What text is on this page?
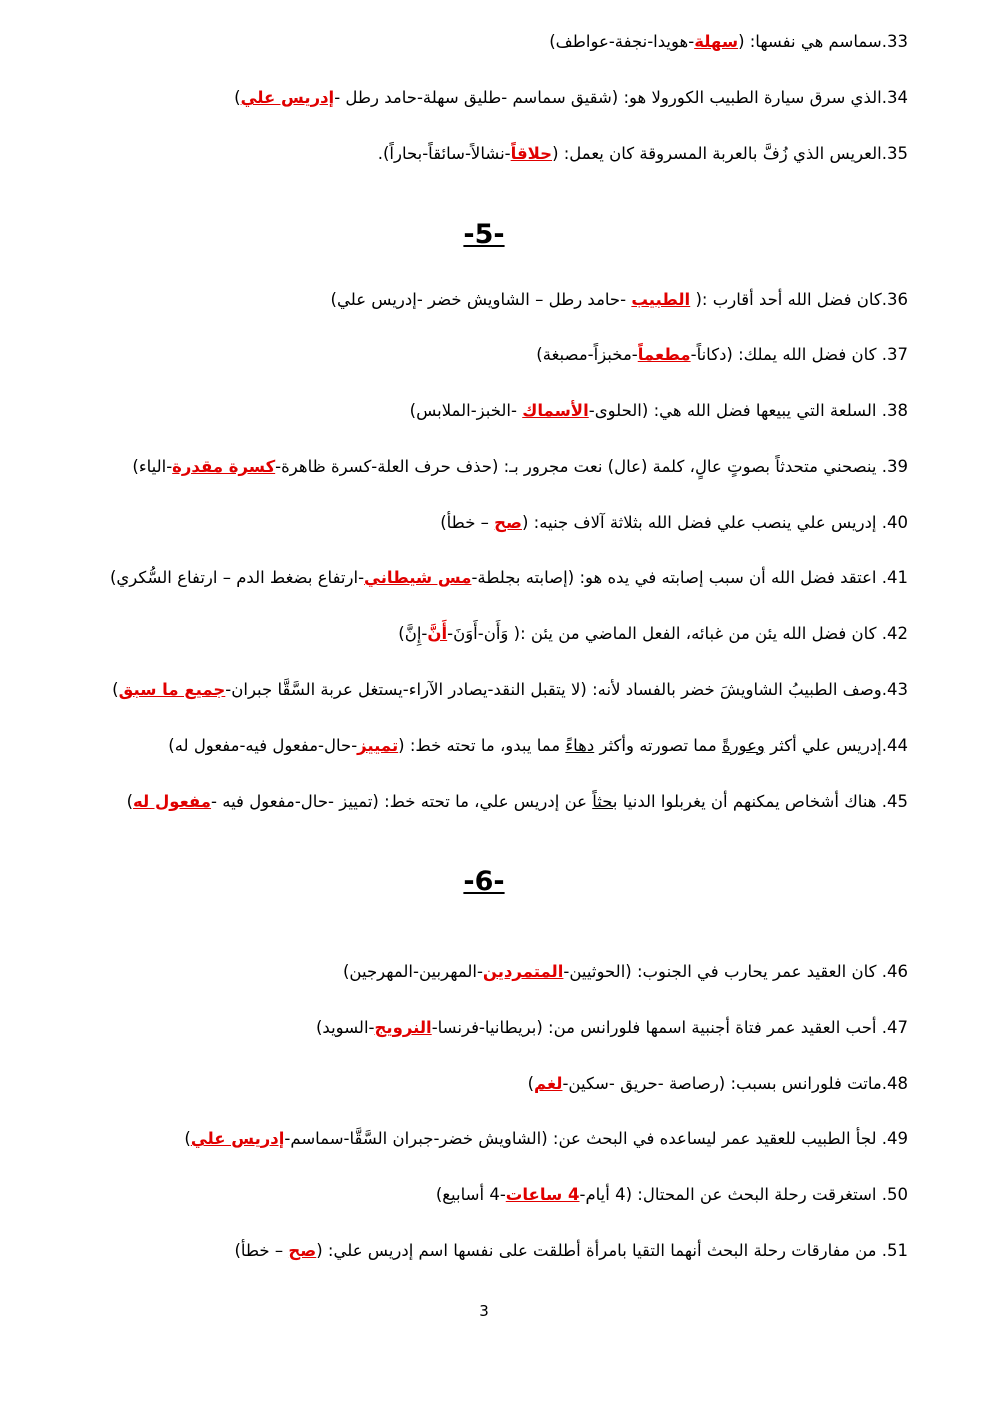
33.سماسم هي نفسها: (سهلة-هويدا-نجفة-عواطف)
34.الذي سرق سيارة الطبيب الكورولا هو: (شقيق سماسم -طليق سهلة-حامد رطل -إدريس علي)
35.العريس الذي زُفَّ بالعربة المسروقة كان يعمل: (حلاقاً-نشالاً-سائقاً-بحاراً).
-5-
36.كان فضل الله أحد أقارب :( الطبيب -حامد رطل – الشاويش خضر -إدريس علي)
37. كان فضل الله يملك: (دكاناً-مطعماً-مخبزاً-مصبغة)
38. السلعة التي يبيعها فضل الله هي: (الحلوى-الأسماك -الخبز-الملابس)
39. ينصحني متحدثاً بصوتٍ عالٍ، كلمة (عال) نعت مجرور بـ: (حذف حرف العلة-كسرة ظاهرة-كسرة مقدرة-الياء)
40. إدريس علي ينصب علي فضل الله بثلاثة آلاف جنيه: (صح – خطأ)
41. اعتقد فضل الله أن سبب إصابته في يده هو: (إصابته بجلطة-مس شيطاني-ارتفاع بضغط الدم – ارتفاع السُّكري)
42. كان فضل الله يئن من غبائه، الفعل الماضي من يئن :( وَأَن-أَوَنَ-أَنَّ-إِنَّ)
43.وصف الطبيبُ الشاويشَ خضر بالفساد لأنه: (لا يتقبل النقد-يصادر الآراء-يستغل عربة السَّقَّا جبران-جميع ما سبق)
44.إدريس علي أكثر وعورةً مما تصورته وأكثر دهاءً مما يبدو، ما تحته خط: (تمييز-حال-مفعول فيه-مفعول له)
45. هناك أشخاص يمكنهم أن يغربلوا الدنيا بحثاً عن إدريس علي، ما تحته خط: (تمييز -حال-مفعول فيه -مفعول له)
-6-
46. كان العقيد عمر يحارب في الجنوب: (الحوثيين-المتمردين-المهربين-المهرجين)
47. أحب العقيد عمر فتاة أجنبية اسمها فلورانس من: (بريطانيا-فرنسا-النرويج-السويد)
48.ماتت فلورانس بسبب: (رصاصة -حريق -سكين-لغم)
49. لجأ الطبيب للعقيد عمر ليساعده في البحث عن: (الشاويش خضر-جبران السَّقَّا-سماسم-إدريس علي)
50. استغرقت رحلة البحث عن المحتال: (4 أيام-4 ساعات-4 أسابيع)
51. من مفارقات رحلة البحث أنهما التقيا بامرأة أطلقت على نفسها اسم إدريس علي: (صح – خطأ)
3
